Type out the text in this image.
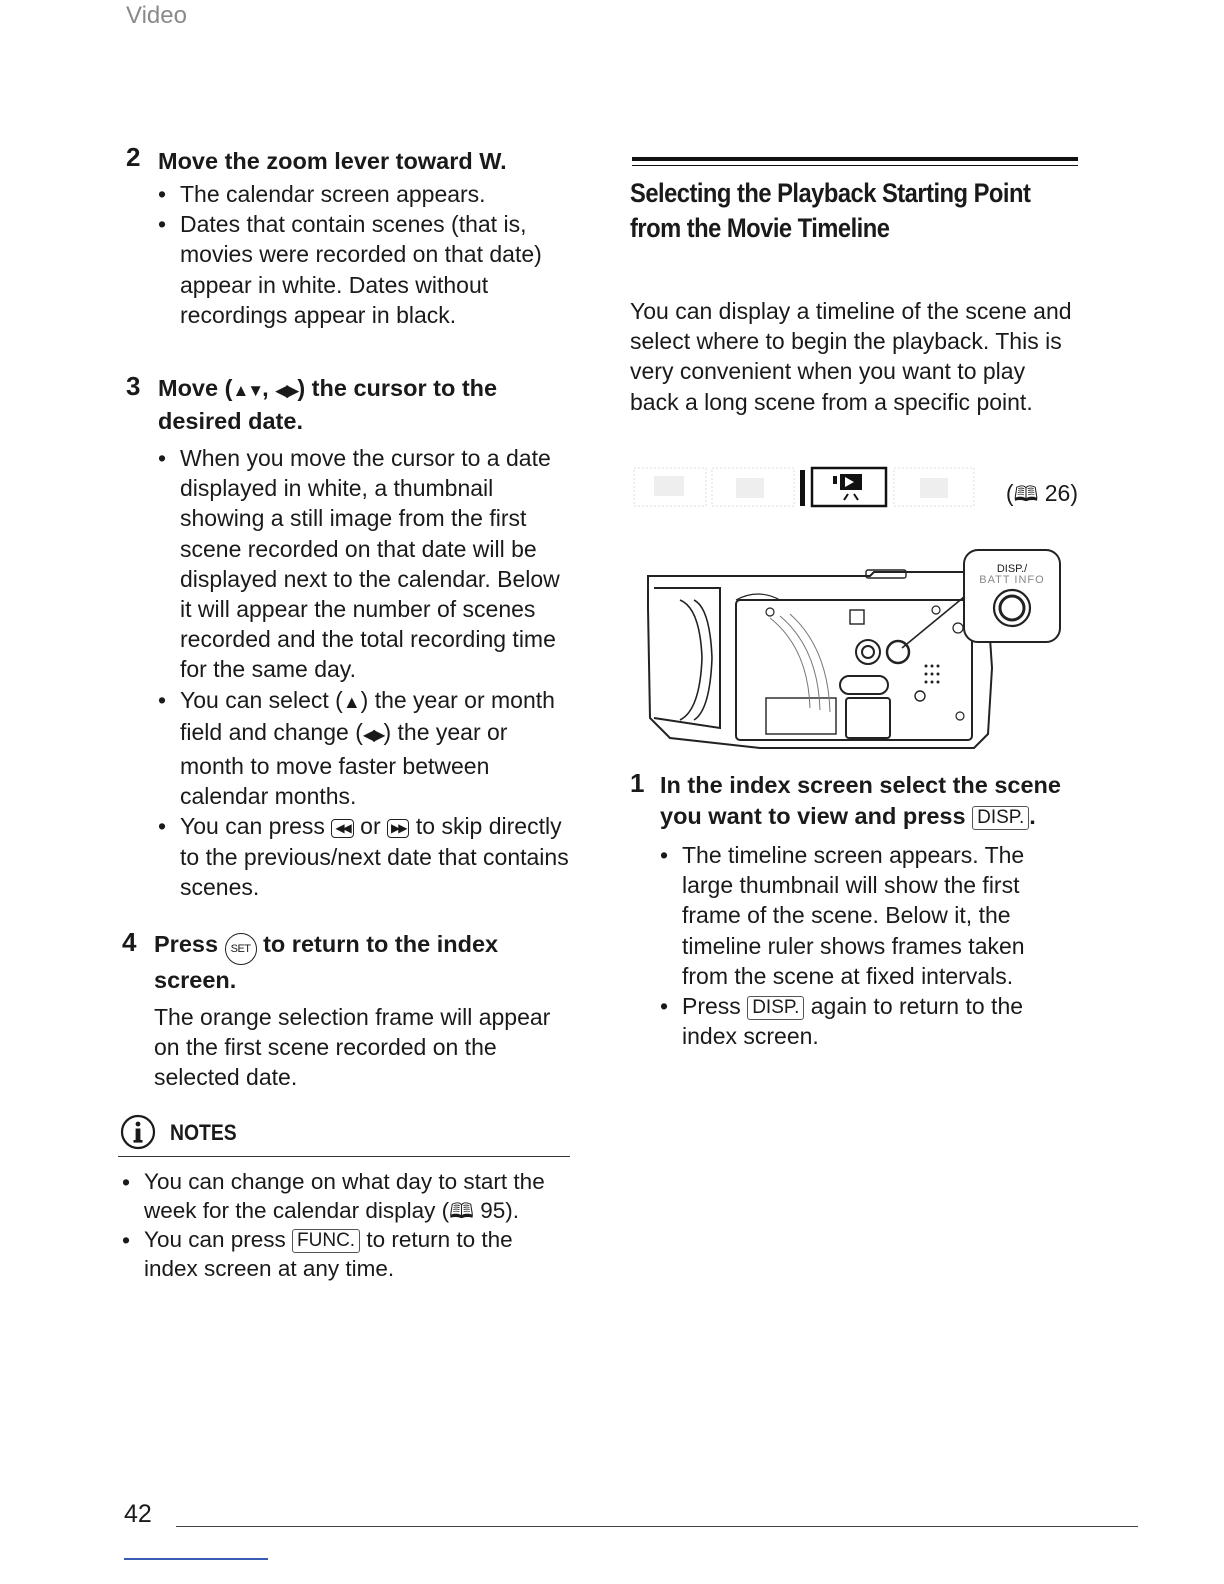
Video
2 Move the zoom lever toward W.
• The calendar screen appears.
• Dates that contain scenes (that is, movies were recorded on that date) appear in white. Dates without recordings appear in black.
3 Move (▲▼, ◀▶) the cursor to the desired date.
• When you move the cursor to a date displayed in white, a thumbnail showing a still image from the first scene recorded on that date will be displayed next to the calendar. Below it will appear the number of scenes recorded and the total recording time for the same day.
• You can select (▲) the year or month field and change (◀▶) the year or month to move faster between calendar months.
• You can press ◀◀ or ▶▶ to skip directly to the previous/next date that contains scenes.
4 Press SET to return to the index screen.
The orange selection frame will appear on the first scene recorded on the selected date.
NOTES
• You can change on what day to start the week for the calendar display (🕮 95).
• You can press FUNC. to return to the index screen at any time.
Selecting the Playback Starting Point from the Movie Timeline
You can display a timeline of the scene and select where to begin the playback. This is very convenient when you want to play back a long scene from a specific point.
(🕮 26)
DISP./
BATT INFO
1 In the index screen select the scene you want to view and press DISP. .
• The timeline screen appears. The large thumbnail will show the first frame of the scene. Below it, the timeline ruler shows frames taken from the scene at fixed intervals.
• Press DISP. again to return to the index screen.
42
